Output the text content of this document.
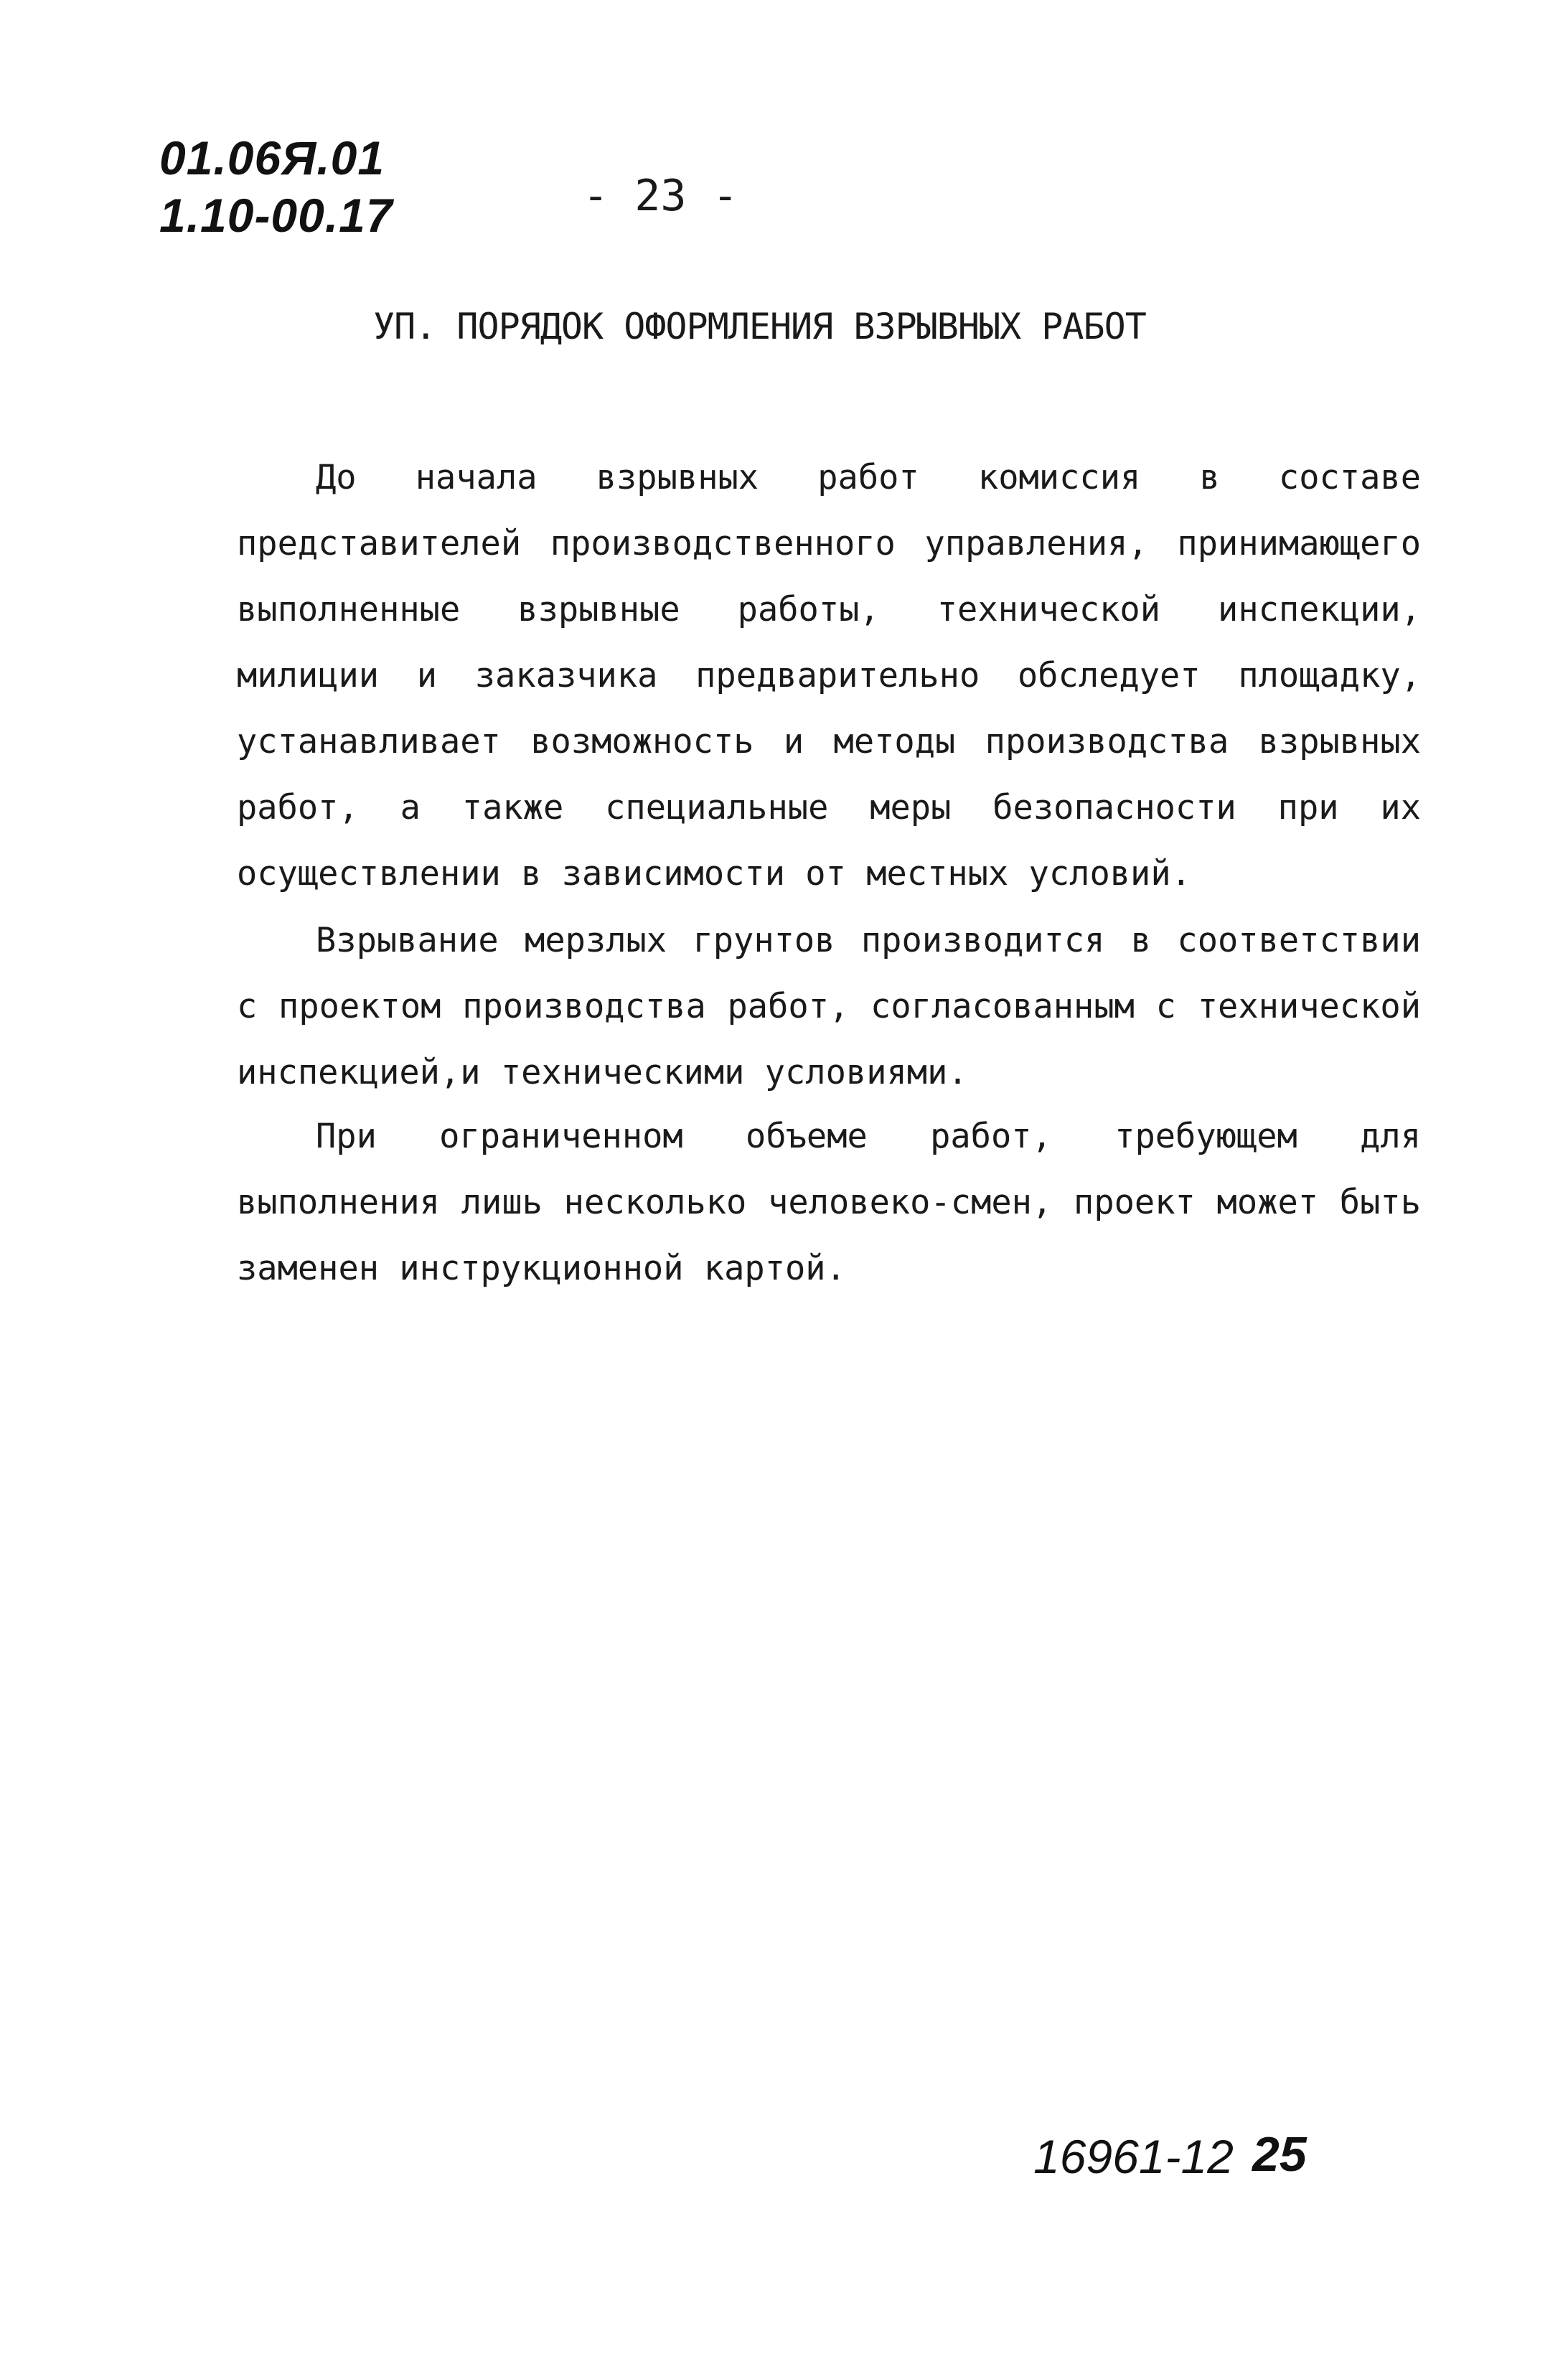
01.06Я.01
1.10-00.17	- 23 -
УП. ПОРЯДОК ОФОРМЛЕНИЯ ВЗРЫВНЫХ РАБОТ

До начала взрывных работ комиссия в составе представителей производственного управления, принимающего выполненные взрывные работы, технической инспекции, милиции и заказчика предварительно обследует площадку, устанавливает возможность и методы производства взрывных работ, а также специальные меры безопасности при их осуществлении в зависимости от местных условий.

Взрывание мерзлых грунтов производится в соответствии с проектом производства работ, согласованным с технической инспекцией,и техническими условиями.

При ограниченном объеме работ, требующем для выполнения лишь несколько человеко-смен, проект может быть заменен инструкционной картой.

16961-12 25
